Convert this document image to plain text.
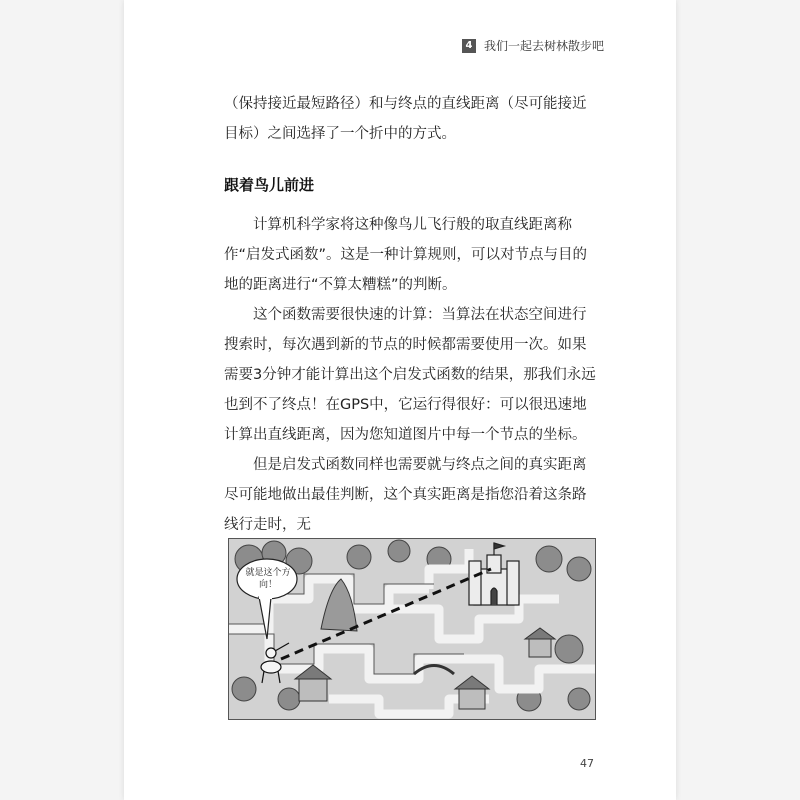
4 我们一起去树林散步吧

（保持接近最短路径）和与终点的直线距离（尽可能接近目标）之间选择了一个折中的方式。

跟着鸟儿前进

计算机科学家将这种像鸟儿飞行般的取直线距离称作“启发式函数”。这是一种计算规则，可以对节点与目的地的距离进行“不算太糟糕”的判断。

这个函数需要很快速的计算：当算法在状态空间进行搜索时，每次遇到新的节点的时候都需要使用一次。如果需要3分钟才能计算出这个启发式函数的结果，那我们永远也到不了终点！在GPS中，它运行得很好：可以很迅速地计算出直线距离，因为您知道图片中每一个节点的坐标。

但是启发式函数同样也需要就与终点之间的真实距离尽可能地做出最佳判断，这个真实距离是指您沿着这条路线行走时，无

就是这个方向！
47
